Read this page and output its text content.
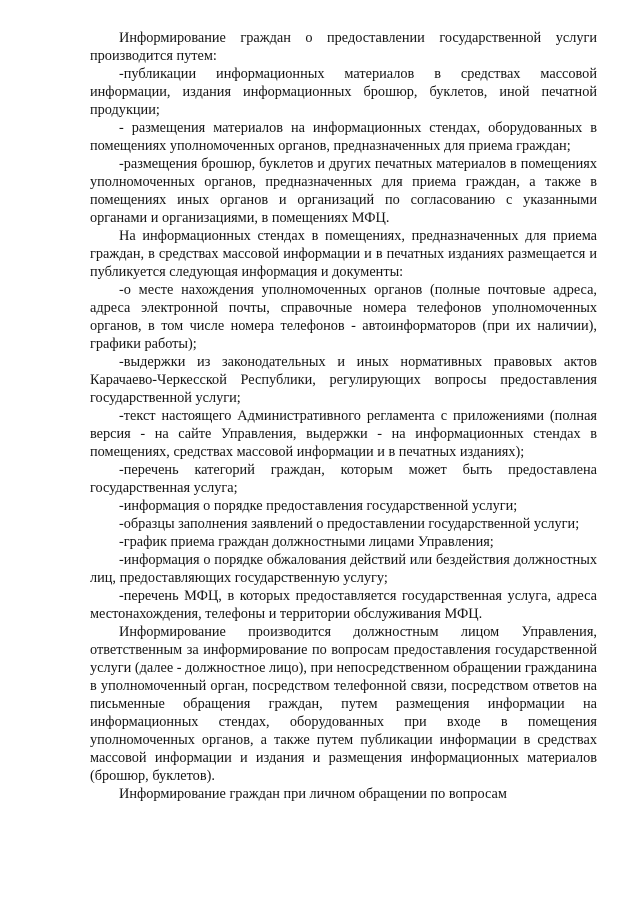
Информирование граждан о предоставлении государственной услуги производится путем:

-публикации информационных материалов в средствах массовой информации, издания информационных брошюр, буклетов, иной печатной продукции;

- размещения материалов на информационных стендах, оборудованных в помещениях уполномоченных органов, предназначенных для приема граждан;

-размещения брошюр, буклетов и других печатных материалов в помещениях уполномоченных органов, предназначенных для приема граждан, а также в помещениях иных органов и организаций по согласованию с указанными органами и организациями, в помещениях МФЦ.

На информационных стендах в помещениях, предназначенных для приема граждан, в средствах массовой информации и в печатных изданиях размещается и публикуется следующая информация и документы:

-о месте нахождения уполномоченных органов (полные почтовые адреса, адреса электронной почты, справочные номера телефонов уполномоченных органов, в том числе номера телефонов - автоинформаторов (при их наличии), графики работы);

-выдержки из законодательных и иных нормативных правовых актов Карачаево-Черкесской Республики, регулирующих вопросы предоставления государственной услуги;

-текст настоящего Административного регламента с приложениями (полная версия - на сайте Управления, выдержки - на информационных стендах в помещениях, средствах массовой информации и в печатных изданиях);

-перечень категорий граждан, которым может быть предоставлена государственная услуга;

-информация о порядке предоставления государственной услуги;

-образцы заполнения заявлений о предоставлении государственной услуги;

-график приема граждан должностными лицами Управления;

-информация о порядке обжалования действий или бездействия должностных лиц, предоставляющих государственную услугу;

-перечень МФЦ, в которых предоставляется государственная услуга, адреса местонахождения, телефоны и территории обслуживания МФЦ.

Информирование производится должностным лицом Управления, ответственным за информирование по вопросам предоставления государственной услуги (далее - должностное лицо), при непосредственном обращении гражданина в уполномоченный орган, посредством телефонной связи, посредством ответов на письменные обращения граждан, путем размещения информации на информационных стендах, оборудованных при входе в помещения уполномоченных органов, а также путем публикации информации в средствах массовой информации и издания и размещения информационных материалов (брошюр, буклетов).

Информирование граждан при личном обращении по вопросам
